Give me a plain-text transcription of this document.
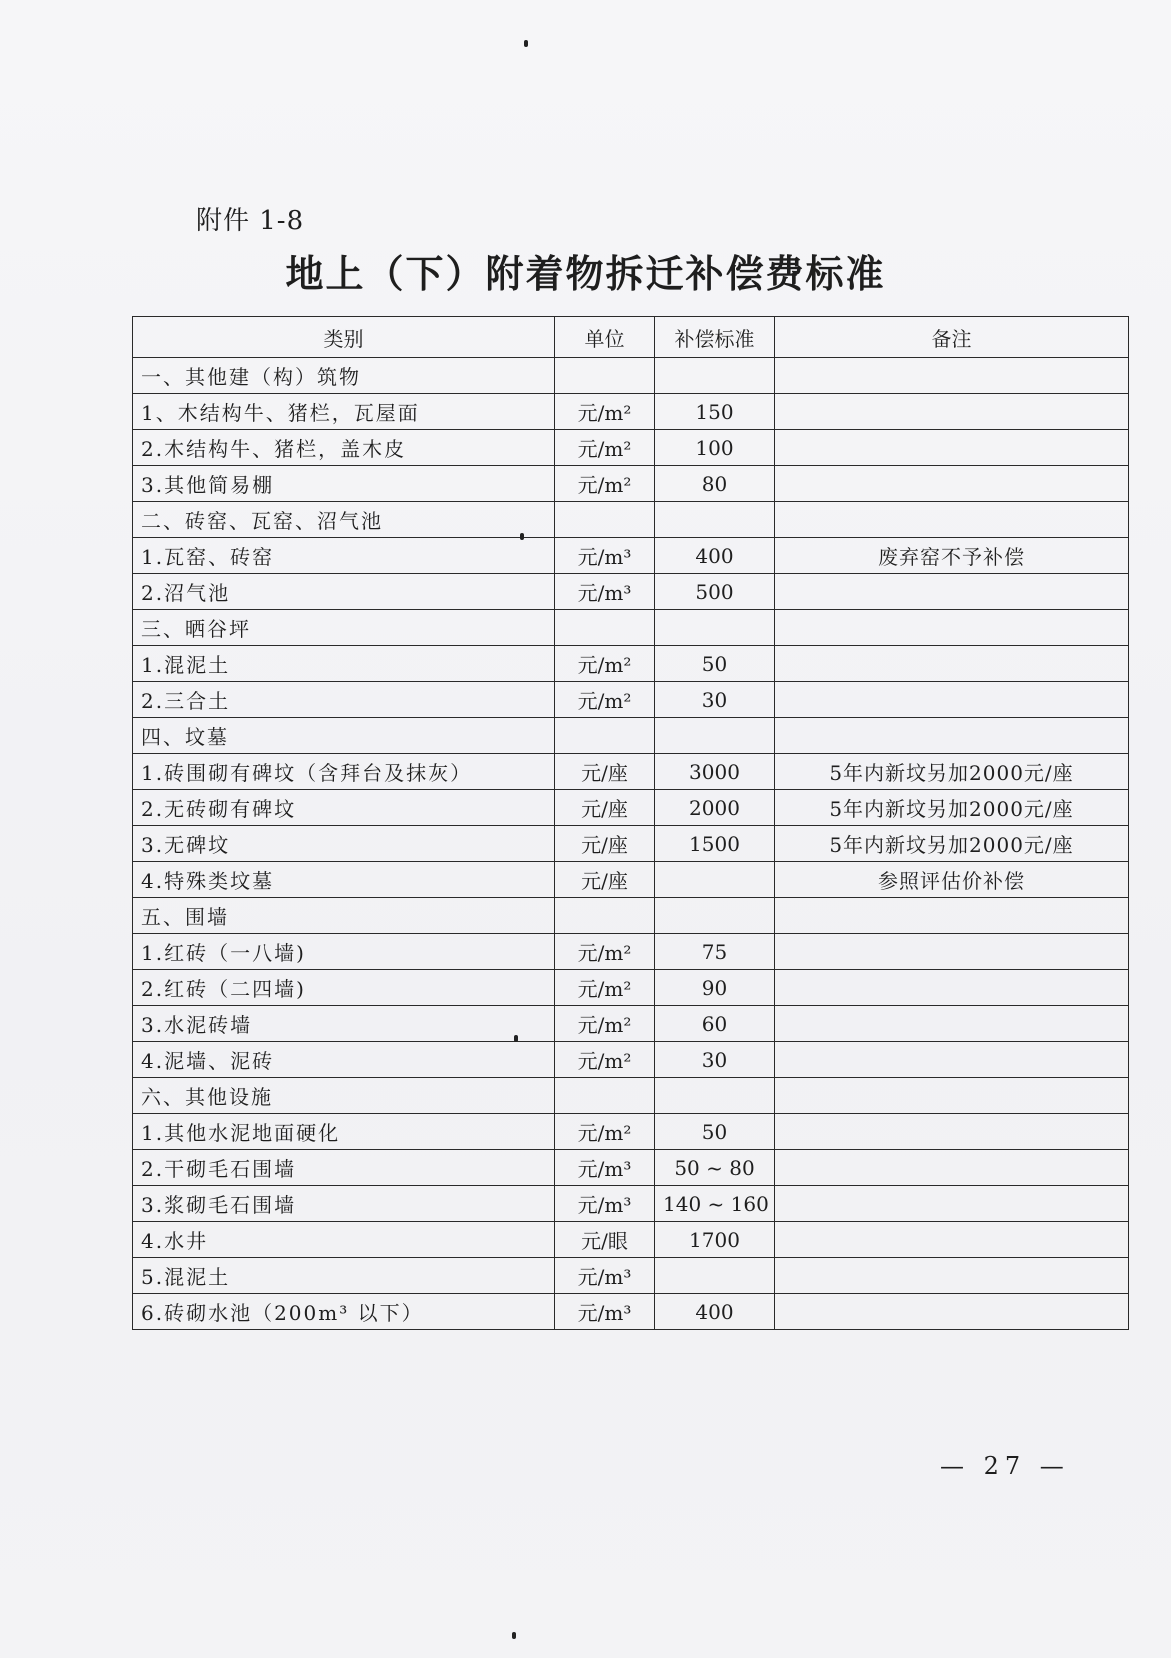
附件 1-8
地上（下）附着物拆迁补偿费标准
类别	单位	补偿标准	备注
一、其他建（构）筑物			
1、木结构牛、猪栏，瓦屋面	元/m²	150	
2.木结构牛、猪栏，盖木皮	元/m²	100	
3.其他简易棚	元/m²	80	
二、砖窑、瓦窑、沼气池			
1.瓦窑、砖窑	元/m³	400	废弃窑不予补偿
2.沼气池	元/m³	500	
三、晒谷坪			
1.混泥土	元/m²	50	
2.三合土	元/m²	30	
四、坟墓			
1.砖围砌有碑坟（含拜台及抹灰）	元/座	3000	5年内新坟另加2000元/座
2.无砖砌有碑坟	元/座	2000	5年内新坟另加2000元/座
3.无碑坟	元/座	1500	5年内新坟另加2000元/座
4.特殊类坟墓	元/座		参照评估价补偿
五、围墙			
1.红砖（一八墙)	元/m²	75	
2.红砖（二四墙)	元/m²	90	
3.水泥砖墙	元/m²	60	
4.泥墙、泥砖	元/m²	30	
六、其他设施			
1.其他水泥地面硬化	元/m²	50	
2.干砌毛石围墙	元/m³	50 ~ 80	
3.浆砌毛石围墙	元/m³	140 ~ 160	
4.水井	元/眼	1700	
5.混泥土	元/m³		
6.砖砌水池（200m³ 以下）	元/m³	400	
— 27 —
